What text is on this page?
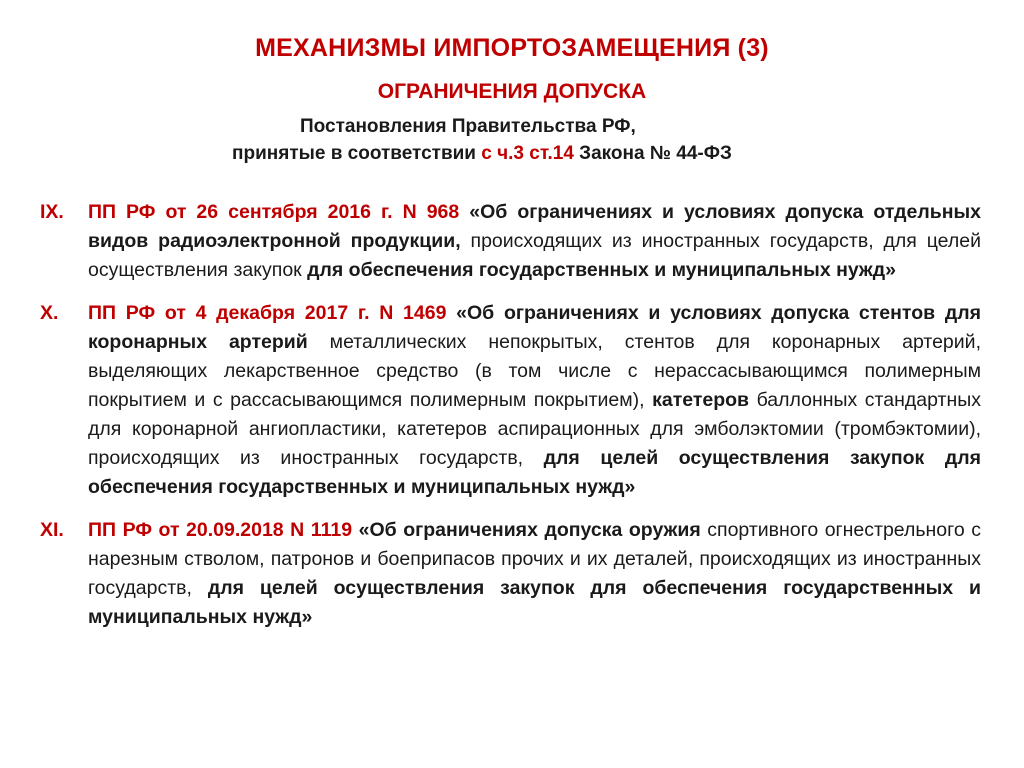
МЕХАНИЗМЫ ИМПОРТОЗАМЕЩЕНИЯ (3)
ОГРАНИЧЕНИЯ ДОПУСКА
Постановления Правительства РФ,
принятые в соответствии с ч.3 ст.14 Закона № 44-ФЗ
IX. ПП РФ от 26 сентября 2016 г. N 968 «Об ограничениях и условиях допуска отдельных видов радиоэлектронной продукции, происходящих из иностранных государств, для целей осуществления закупок для обеспечения государственных и муниципальных нужд»
X. ПП РФ от 4 декабря 2017 г. N 1469 «Об ограничениях и условиях допуска стентов для коронарных артерий металлических непокрытых, стентов для коронарных артерий, выделяющих лекарственное средство (в том числе с нерассасывающимся полимерным покрытием и с рассасывающимся полимерным покрытием), катетеров баллонных стандартных для коронарной ангиопластики, катетеров аспирационных для эмболэктомии (тромбэктомии), происходящих из иностранных государств, для целей осуществления закупок для обеспечения государственных и муниципальных нужд»
XI. ПП РФ от 20.09.2018 N 1119 «Об ограничениях допуска оружия спортивного огнестрельного с нарезным стволом, патронов и боеприпасов прочих и их деталей, происходящих из иностранных государств, для целей осуществления закупок для обеспечения государственных и муниципальных нужд»
